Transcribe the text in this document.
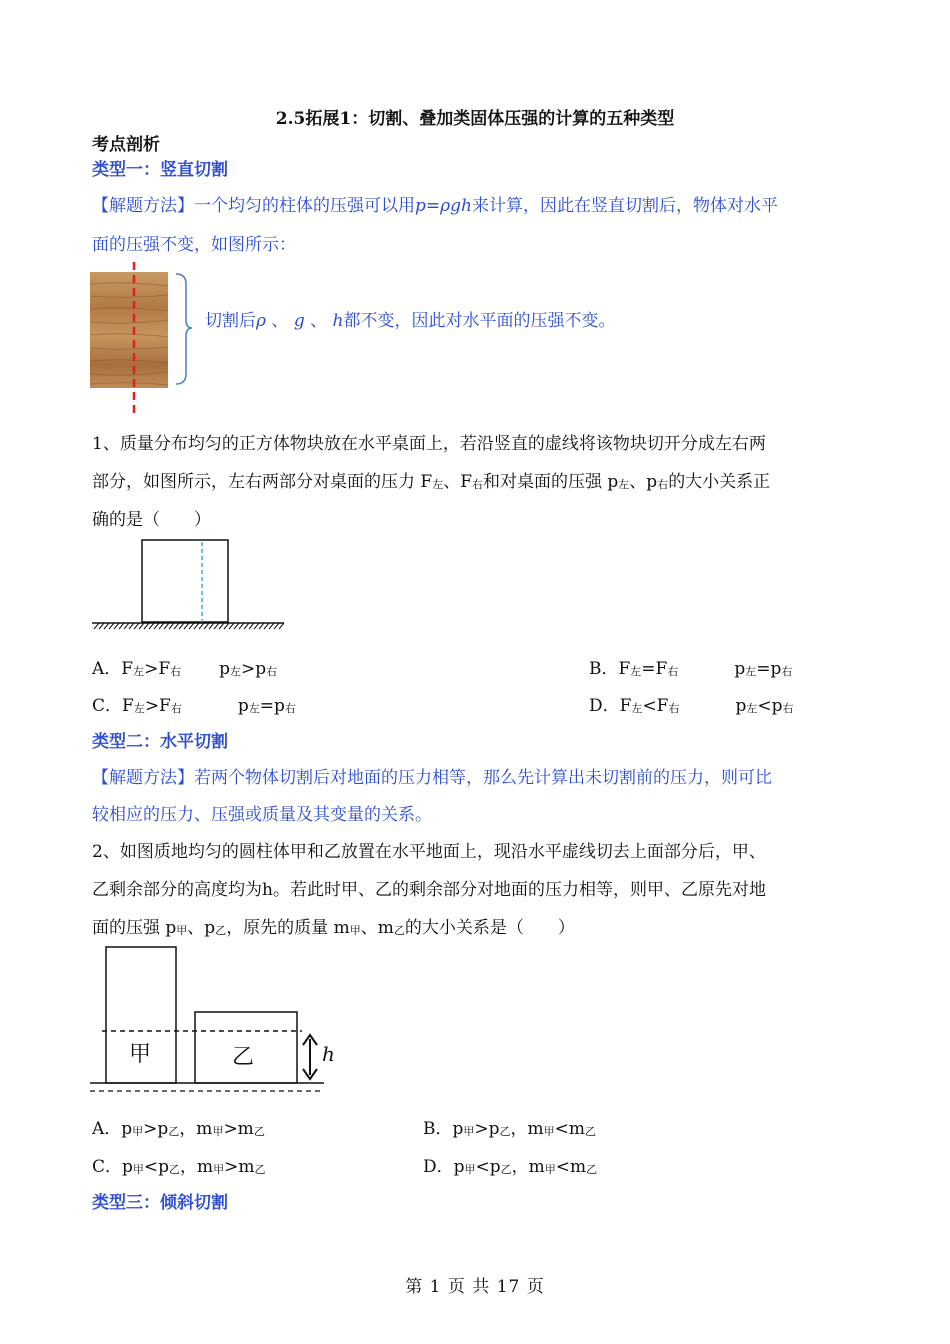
2.5拓展1：切割、叠加类固体压强的计算的五种类型
考点剖析
类型一：竖直切割
【解题方法】一个均匀的柱体的压强可以用p=ρgh来计算，因此在竖直切割后，物体对水平
面的压强不变，如图所示：
切割后ρ 、 g 、 h都不变，因此对水平面的压强不变。
1、质量分布均匀的正方体物块放在水平桌面上，若沿竖直的虚线将该物块切开分成左右两
部分，如图所示，左右两部分对桌面的压力 F左、F右和对桌面的压强 p左、p右的大小关系正
确的是（　　）
A．F左>F右 p左>p右	B．F左=F右	p左=p右
C．F左>F右	p左=p右	D．F左<F右	p左<p右
类型二：水平切割
【解题方法】若两个物体切割后对地面的压力相等，那么先计算出未切割前的压力，则可比
较相应的压力、压强或质量及其变量的关系。
2、如图质地均匀的圆柱体甲和乙放置在水平地面上，现沿水平虚线切去上面部分后，甲、
乙剩余部分的高度均为h。若此时甲、乙的剩余部分对地面的压力相等，则甲、乙原先对地
面的压强 p甲、p乙，原先的质量 m甲、m乙的大小关系是（　　）
甲	乙	h
A．p甲>p乙，m甲>m乙	B．p甲>p乙，m甲<m乙
C．p甲<p乙，m甲>m乙	D．p甲<p乙，m甲<m乙
类型三：倾斜切割
第 1 页 共 17 页
